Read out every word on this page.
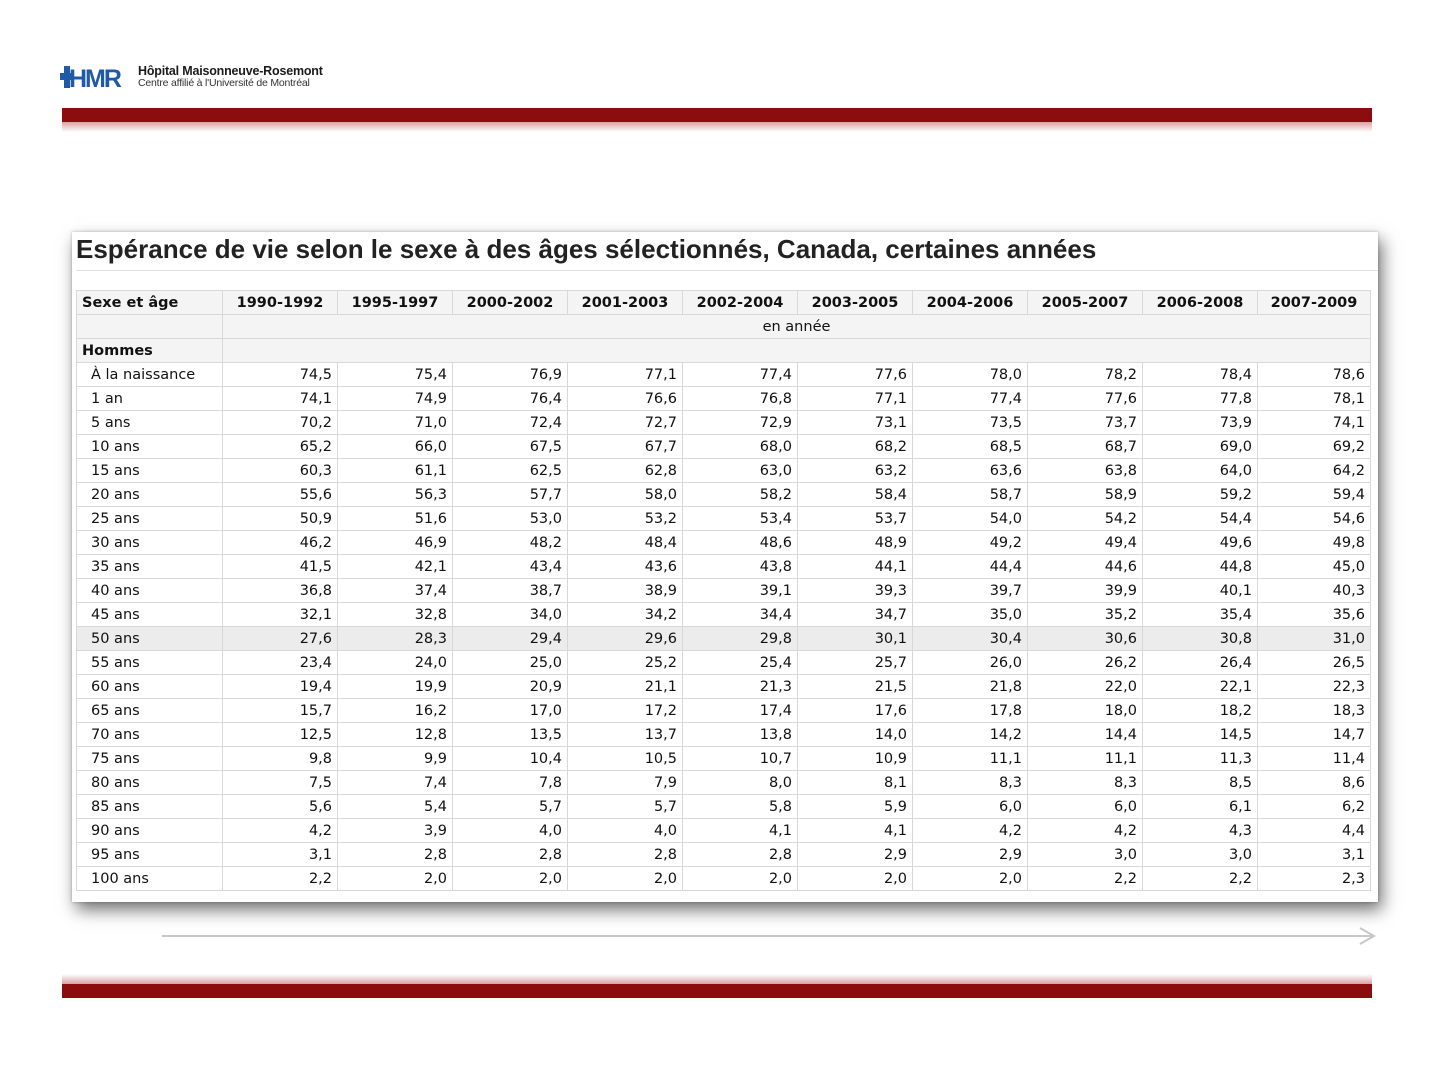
HMR Hôpital Maisonneuve-Rosemont
Centre affilié à l'Université de Montréal
Espérance de vie selon le sexe à des âges sélectionnés, Canada, certaines années
Sexe et âge	1990-1992	1995-1997	2000-2002	2001-2003	2002-2004	2003-2005	2004-2006	2005-2007	2006-2008	2007-2009
	en année									
Hommes										
À la naissance	74,5	75,4	76,9	77,1	77,4	77,6	78,0	78,2	78,4	78,6
1 an	74,1	74,9	76,4	76,6	76,8	77,1	77,4	77,6	77,8	78,1
5 ans	70,2	71,0	72,4	72,7	72,9	73,1	73,5	73,7	73,9	74,1
10 ans	65,2	66,0	67,5	67,7	68,0	68,2	68,5	68,7	69,0	69,2
15 ans	60,3	61,1	62,5	62,8	63,0	63,2	63,6	63,8	64,0	64,2
20 ans	55,6	56,3	57,7	58,0	58,2	58,4	58,7	58,9	59,2	59,4
25 ans	50,9	51,6	53,0	53,2	53,4	53,7	54,0	54,2	54,4	54,6
30 ans	46,2	46,9	48,2	48,4	48,6	48,9	49,2	49,4	49,6	49,8
35 ans	41,5	42,1	43,4	43,6	43,8	44,1	44,4	44,6	44,8	45,0
40 ans	36,8	37,4	38,7	38,9	39,1	39,3	39,7	39,9	40,1	40,3
45 ans	32,1	32,8	34,0	34,2	34,4	34,7	35,0	35,2	35,4	35,6
50 ans	27,6	28,3	29,4	29,6	29,8	30,1	30,4	30,6	30,8	31,0
55 ans	23,4	24,0	25,0	25,2	25,4	25,7	26,0	26,2	26,4	26,5
60 ans	19,4	19,9	20,9	21,1	21,3	21,5	21,8	22,0	22,1	22,3
65 ans	15,7	16,2	17,0	17,2	17,4	17,6	17,8	18,0	18,2	18,3
70 ans	12,5	12,8	13,5	13,7	13,8	14,0	14,2	14,4	14,5	14,7
75 ans	9,8	9,9	10,4	10,5	10,7	10,9	11,1	11,1	11,3	11,4
80 ans	7,5	7,4	7,8	7,9	8,0	8,1	8,3	8,3	8,5	8,6
85 ans	5,6	5,4	5,7	5,7	5,8	5,9	6,0	6,0	6,1	6,2
90 ans	4,2	3,9	4,0	4,0	4,1	4,1	4,2	4,2	4,3	4,4
95 ans	3,1	2,8	2,8	2,8	2,8	2,9	2,9	3,0	3,0	3,1
100 ans	2,2	2,0	2,0	2,0	2,0	2,0	2,0	2,2	2,2	2,3
